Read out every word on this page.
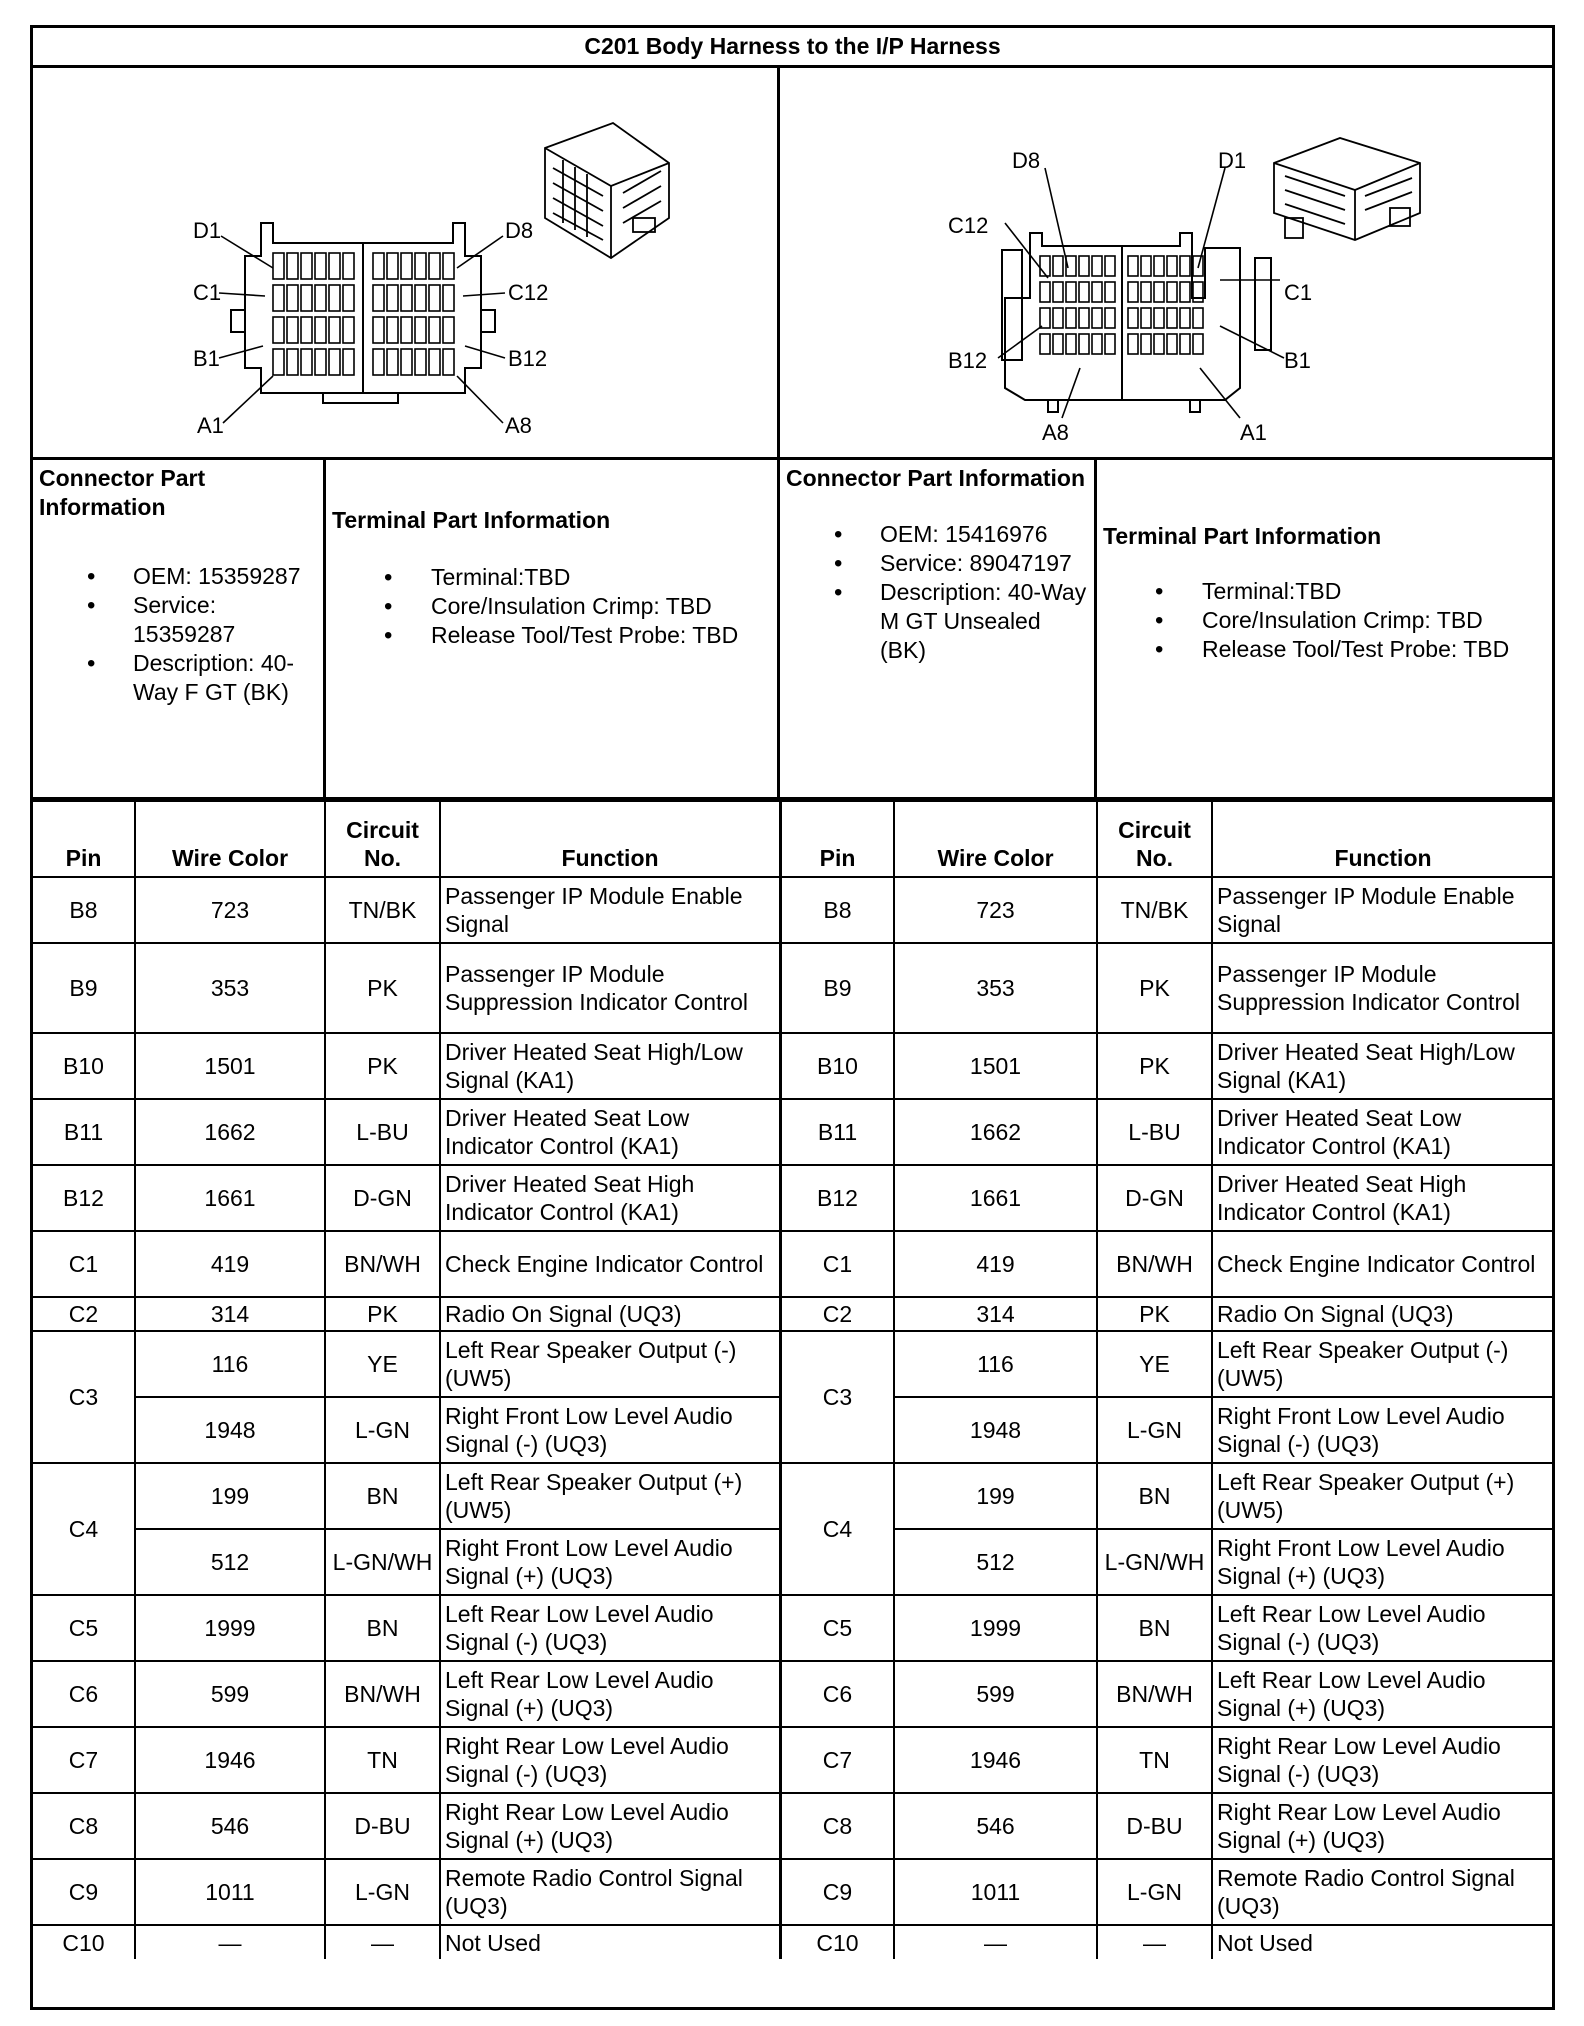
C201 Body Harness to the I/P Harness
D1
C1
B1
A1
D8
C12
B12
A8
D8	D1
C12
C1
B12	B1
A8	A1
Connector Part Information
• OEM: 15359287
• Service: 15359287
• Description: 40-Way F GT (BK)
Terminal Part Information
• Terminal:TBD
• Core/Insulation Crimp: TBD
• Release Tool/Test Probe: TBD
Connector Part Information
• OEM: 15416976
• Service: 89047197
• Description: 40-Way M GT Unsealed (BK)
Terminal Part Information
• Terminal:TBD
• Core/Insulation Crimp: TBD
• Release Tool/Test Probe: TBD
Pin	Wire Color	Circuit No.	Function
B8	723	TN/BK	Passenger IP Module Enable Signal
B9	353	PK	Passenger IP Module Suppression Indicator Control
B10	1501	PK	Driver Heated Seat High/Low Signal (KA1)
B11	1662	L-BU	Driver Heated Seat Low Indicator Control (KA1)
B12	1661	D-GN	Driver Heated Seat High Indicator Control (KA1)
C1	419	BN/WH	Check Engine Indicator Control
C2	314	PK	Radio On Signal (UQ3)
C3	116	YE	Left Rear Speaker Output (-) (UW5)
	1948	L-GN	Right Front Low Level Audio Signal (-) (UQ3)
C4	199	BN	Left Rear Speaker Output (+) (UW5)
	512	L-GN/WH	Right Front Low Level Audio Signal (+) (UQ3)
C5	1999	BN	Left Rear Low Level Audio Signal (-) (UQ3)
C6	599	BN/WH	Left Rear Low Level Audio Signal (+) (UQ3)
C7	1946	TN	Right Rear Low Level Audio Signal (-) (UQ3)
C8	546	D-BU	Right Rear Low Level Audio Signal (+) (UQ3)
C9	1011	L-GN	Remote Radio Control Signal (UQ3)
C10	—	—	Not Used
Pin	Wire Color	Circuit No.	Function
B8	723	TN/BK	Passenger IP Module Enable Signal
B9	353	PK	Passenger IP Module Suppression Indicator Control
B10	1501	PK	Driver Heated Seat High/Low Signal (KA1)
B11	1662	L-BU	Driver Heated Seat Low Indicator Control (KA1)
B12	1661	D-GN	Driver Heated Seat High Indicator Control (KA1)
C1	419	BN/WH	Check Engine Indicator Control
C2	314	PK	Radio On Signal (UQ3)
C3	116	YE	Left Rear Speaker Output (-) (UW5)
	1948	L-GN	Right Front Low Level Audio Signal (-) (UQ3)
C4	199	BN	Left Rear Speaker Output (+) (UW5)
	512	L-GN/WH	Right Front Low Level Audio Signal (+) (UQ3)
C5	1999	BN	Left Rear Low Level Audio Signal (-) (UQ3)
C6	599	BN/WH	Left Rear Low Level Audio Signal (+) (UQ3)
C7	1946	TN	Right Rear Low Level Audio Signal (-) (UQ3)
C8	546	D-BU	Right Rear Low Level Audio Signal (+) (UQ3)
C9	1011	L-GN	Remote Radio Control Signal (UQ3)
C10	—	—	Not Used
